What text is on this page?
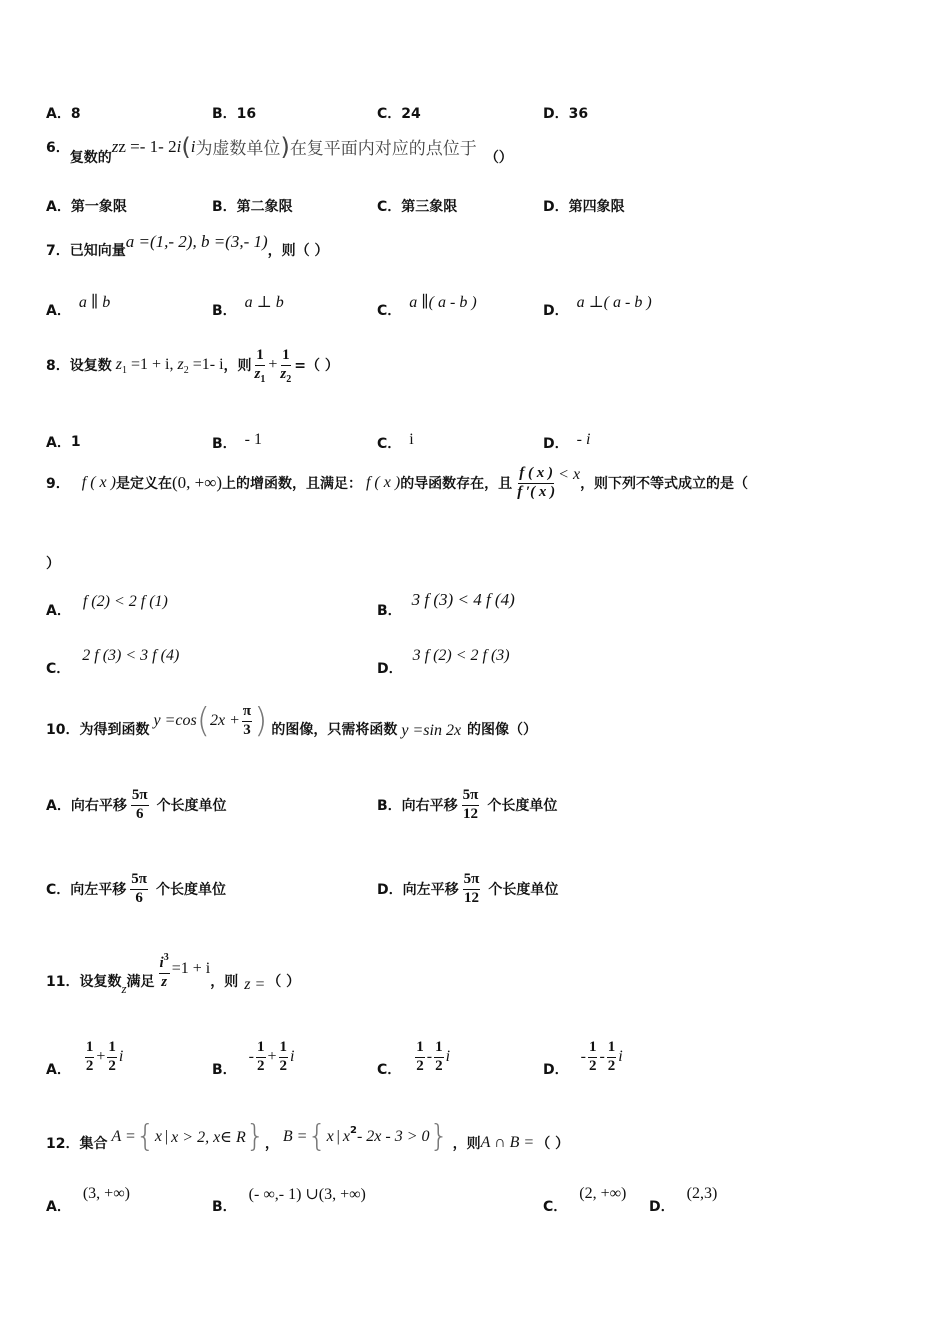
A．8	B．16	C．24	D．36
6．
复数的
zz =- 1- 2i ( i 为虚数单位 ) 在复平面内对应的点位于 （）
A．第一象限	B．第二象限	C．第三象限	D．第四象限
7． 已知向量 a =(1,- 2), b =(3,- 1) ，则（ ）
A． a ∥ b	B． a ⊥ b	C． a ∥( a - b )	D． a ⊥( a - b )
8． 设复数 $z_1 =1 + i$, $z_2 =1-$ i ，则 $\frac{1}{z_1} + \frac{1}{z_2}$ =（ ）
A． 1	B． - 1	C． i	D． - i
9． f ( x ) 是定义在 (0, +∞) 上的增函数，且满足： f ( x ) 的导函数存在，且 $\frac{f ( x )}{f '( x )} < x$
，则下列不等式成立的是（
）
A．
f (2) < 2 f (1)
B．
3 f (3) < 4 f (4)
C．
2 f (3) < 3 f (4)
D．
3 f (2) < 2 f (3)
10． 为得到函数
y =cos ( $2x + \frac{\pi}{3}$ ) 的图像，只需将函数 y =sin 2x 的图像（）
A． 向右平移 $\frac{5\pi}{6}$ 个长度单位	B． 向右平移 $\frac{5\pi}{12}$ 个长度单位
C． 向左平移 $\frac{5\pi}{6}$ 个长度单位	D． 向左平移 $\frac{5\pi}{12}$ 个长度单位
11． 设复数 z 满足 $\frac{i^3}{z} =1 + i$
，则 z = （ ）
A． $\frac{1}{2} + \frac{1}{2}$ i
B．
- $\frac{1}{2} + \frac{1}{2}$ i
C． $\frac{1}{2} - \frac{1}{2}$ i
D．
- $\frac{1}{2} - \frac{1}{2}$ i
12． 集合 A = { x | x > 2, x∈ R } ， B = { x | x 2 - 2x - 3 > 0 } ，则 A ∩ B = （ ）
A．
(3, +∞)
B．
(- ∞,- 1) ∪(3, +∞)
C．
(2, +∞)
D．
(2,3)
